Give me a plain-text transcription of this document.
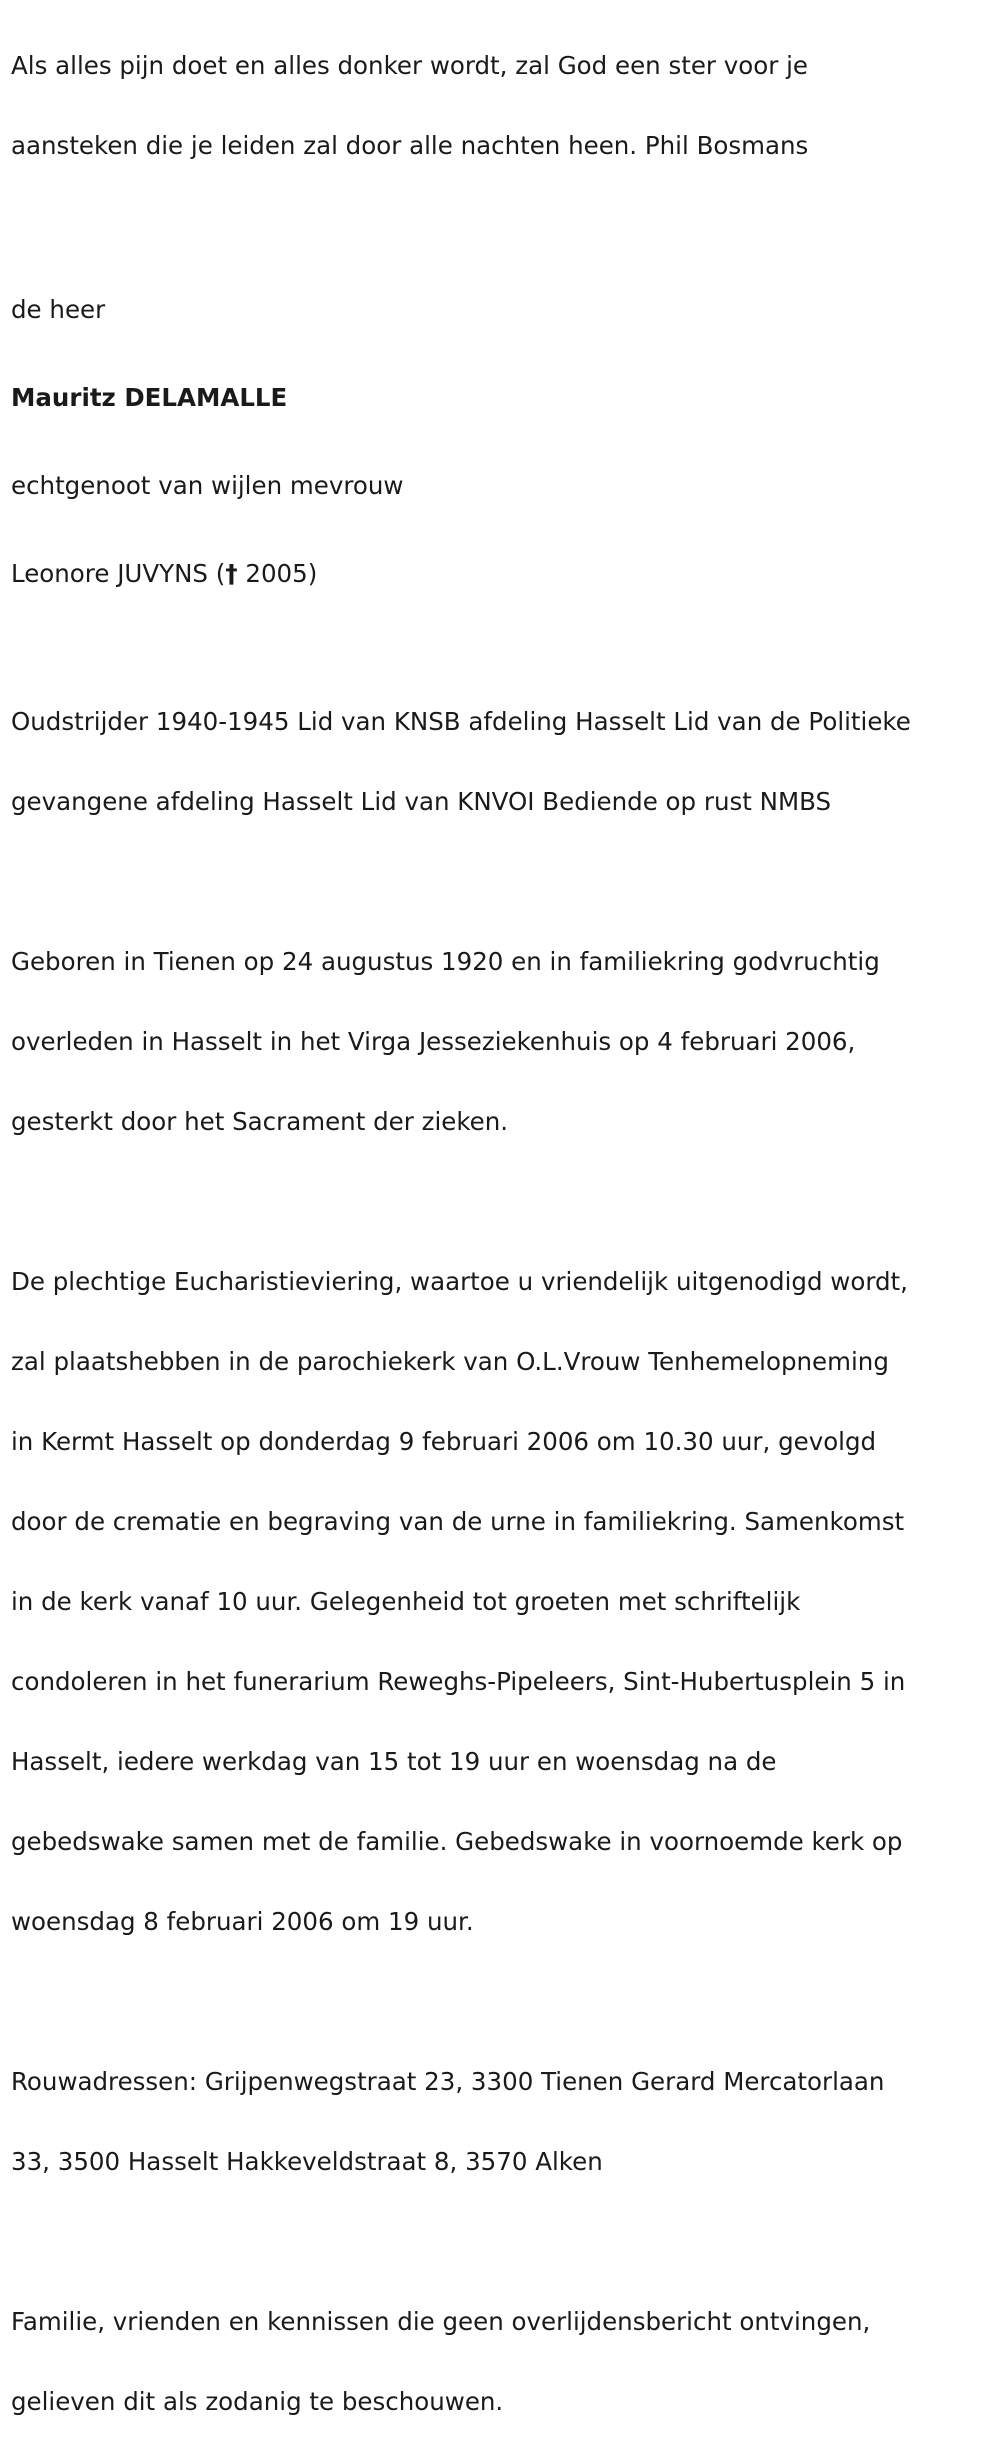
Als alles pijn doet en alles donker wordt, zal God een ster voor je

aansteken die je leiden zal door alle nachten heen. Phil Bosmans

de heer

Mauritz DELAMALLE

echtgenoot van wijlen mevrouw

Leonore JUVYNS († 2005)

Oudstrijder 1940-1945 Lid van KNSB afdeling Hasselt Lid van de Politieke

gevangene afdeling Hasselt Lid van KNVOI Bediende op rust NMBS

Geboren in Tienen op 24 augustus 1920 en in familiekring godvruchtig

overleden in Hasselt in het Virga Jesseziekenhuis op 4 februari 2006,

gesterkt door het Sacrament der zieken.

De plechtige Eucharistieviering, waartoe u vriendelijk uitgenodigd wordt,

zal plaatshebben in de parochiekerk van O.L.Vrouw Tenhemelopneming

in Kermt Hasselt op donderdag 9 februari 2006 om 10.30 uur, gevolgd

door de crematie en begraving van de urne in familiekring. Samenkomst

in de kerk vanaf 10 uur. Gelegenheid tot groeten met schriftelijk

condoleren in het funerarium Reweghs-Pipeleers, Sint-Hubertusplein 5 in

Hasselt, iedere werkdag van 15 tot 19 uur en woensdag na de

gebedswake samen met de familie. Gebedswake in voornoemde kerk op

woensdag 8 februari 2006 om 19 uur.

Rouwadressen: Grijpenwegstraat 23, 3300 Tienen Gerard Mercatorlaan

33, 3500 Hasselt Hakkeveldstraat 8, 3570 Alken

Familie, vrienden en kennissen die geen overlijdensbericht ontvingen,

gelieven dit als zodanig te beschouwen.
